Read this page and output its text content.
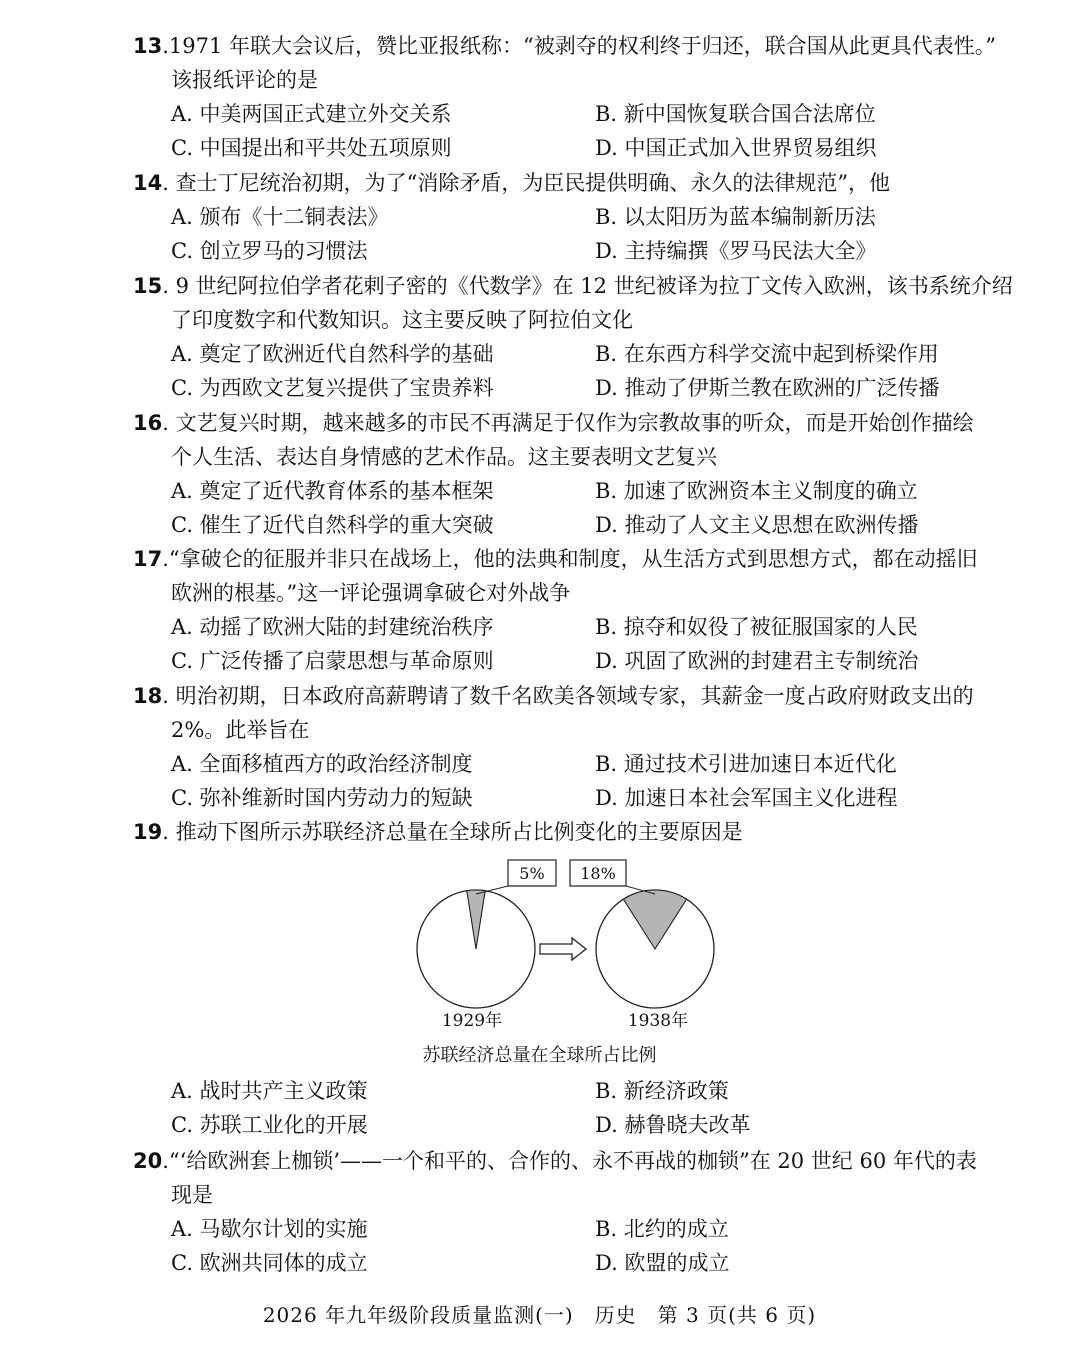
13.1971 年联大会议后，赞比亚报纸称：“被剥夺的权利终于归还，联合国从此更具代表性。”
该报纸评论的是
A. 中美两国正式建立外交关系	B. 新中国恢复联合国合法席位
C. 中国提出和平共处五项原则	D. 中国正式加入世界贸易组织
14. 查士丁尼统治初期，为了“消除矛盾，为臣民提供明确、永久的法律规范”，他
A. 颁布《十二铜表法》	B. 以太阳历为蓝本编制新历法
C. 创立罗马的习惯法	D. 主持编撰《罗马民法大全》
15. 9 世纪阿拉伯学者花剌子密的《代数学》在 12 世纪被译为拉丁文传入欧洲，该书系统介绍
了印度数字和代数知识。这主要反映了阿拉伯文化
A. 奠定了欧洲近代自然科学的基础	B. 在东西方科学交流中起到桥梁作用
C. 为西欧文艺复兴提供了宝贵养料	D. 推动了伊斯兰教在欧洲的广泛传播
16. 文艺复兴时期，越来越多的市民不再满足于仅作为宗教故事的听众，而是开始创作描绘
个人生活、表达自身情感的艺术作品。这主要表明文艺复兴
A. 奠定了近代教育体系的基本框架	B. 加速了欧洲资本主义制度的确立
C. 催生了近代自然科学的重大突破	D. 推动了人文主义思想在欧洲传播
17.“拿破仑的征服并非只在战场上，他的法典和制度，从生活方式到思想方式，都在动摇旧
欧洲的根基。”这一评论强调拿破仑对外战争
A. 动摇了欧洲大陆的封建统治秩序	B. 掠夺和奴役了被征服国家的人民
C. 广泛传播了启蒙思想与革命原则	D. 巩固了欧洲的封建君主专制统治
18. 明治初期，日本政府高薪聘请了数千名欧美各领域专家，其薪金一度占政府财政支出的
2%。此举旨在
A. 全面移植西方的政治经济制度	B. 通过技术引进加速日本近代化
C. 弥补维新时国内劳动力的短缺	D. 加速日本社会军国主义化进程
19. 推动下图所示苏联经济总量在全球所占比例变化的主要原因是
5%
1929年
18%
1938年
苏联经济总量在全球所占比例
A. 战时共产主义政策	B. 新经济政策
C. 苏联工业化的开展	D. 赫鲁晓夫改革
20.“‘给欧洲套上枷锁’——一个和平的、合作的、永不再战的枷锁”在 20 世纪 60 年代的表
现是
A. 马歇尔计划的实施	B. 北约的成立
C. 欧洲共同体的成立	D. 欧盟的成立
2026 年九年级阶段质量监测(一)　历史　第 3 页(共 6 页)
